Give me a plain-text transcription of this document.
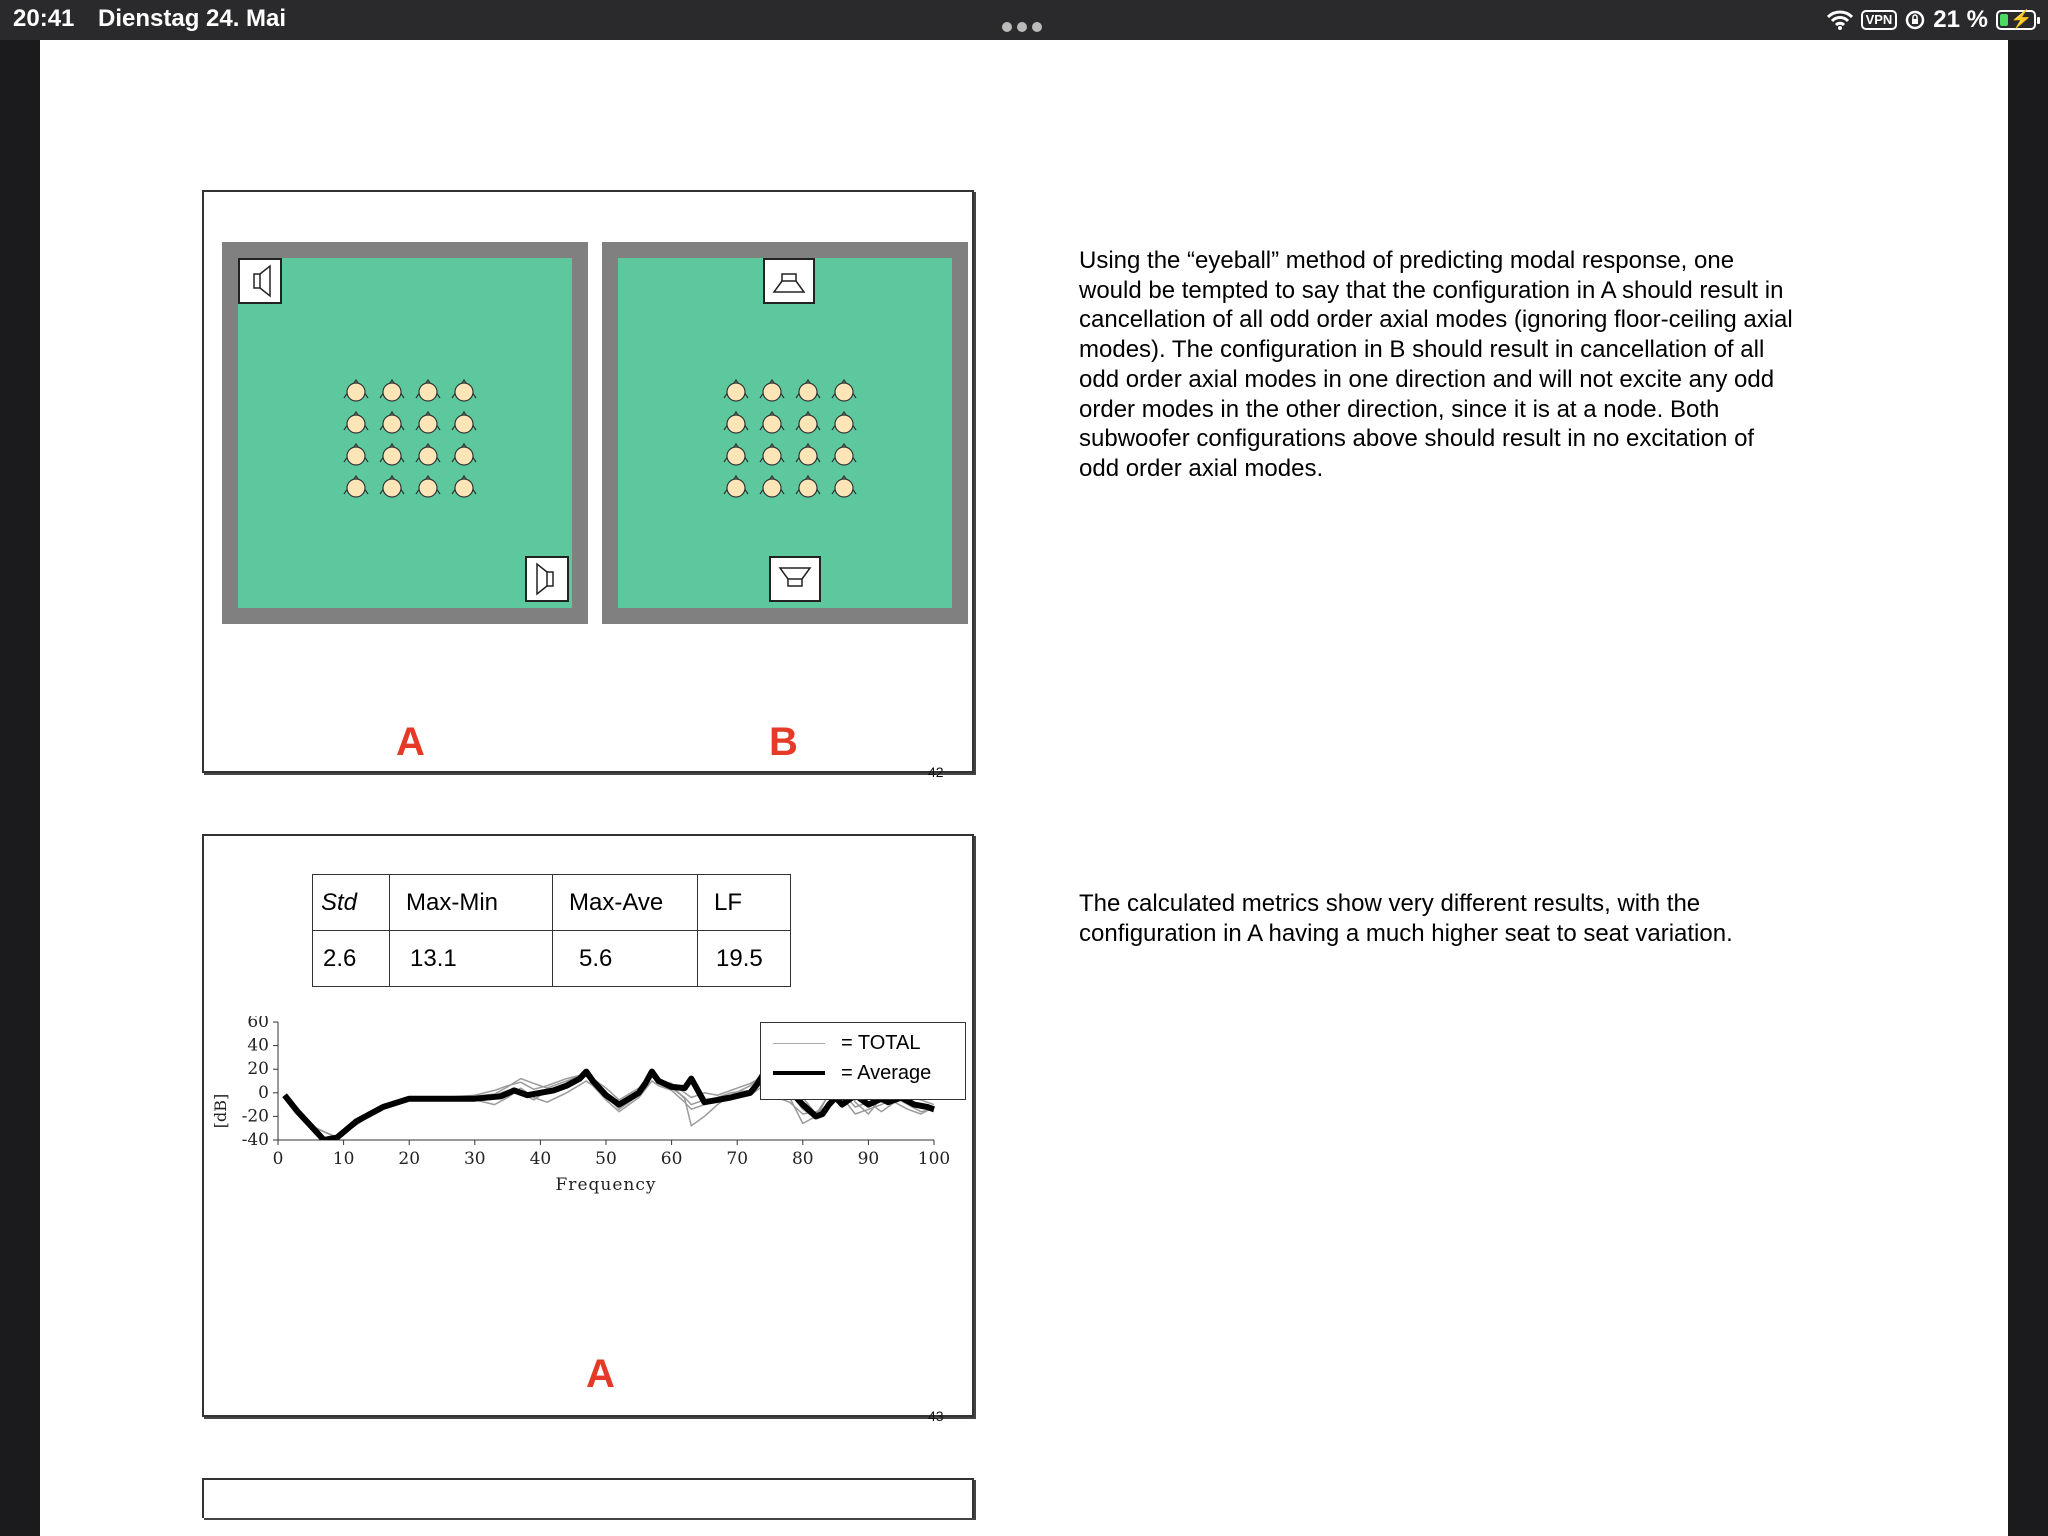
20:41 Dienstag 24. Mai	VPN 21 % ⚡
A	B
42
Using the “eyeball” method of predicting modal response, one would be tempted to say that the configuration in A should result in cancellation of all odd order axial modes (ignoring floor-ceiling axial modes). The configuration in B should result in cancellation of all odd order axial modes in one direction and will not excite any odd order modes in the other direction, since it is at a node. Both subwoofer configurations above should result in no excitation of odd order axial modes.
Std	Max-Min	Max-Ave	LF
2.6	13.1	5.6	19.5
0	10	20	30	40	50	60	70	80	90 100
-40
-20
0
20
40
60
Frequency
[dB]
= TOTAL
= Average
A
43
The calculated metrics show very different results, with the configuration in A having a much higher seat to seat variation.
